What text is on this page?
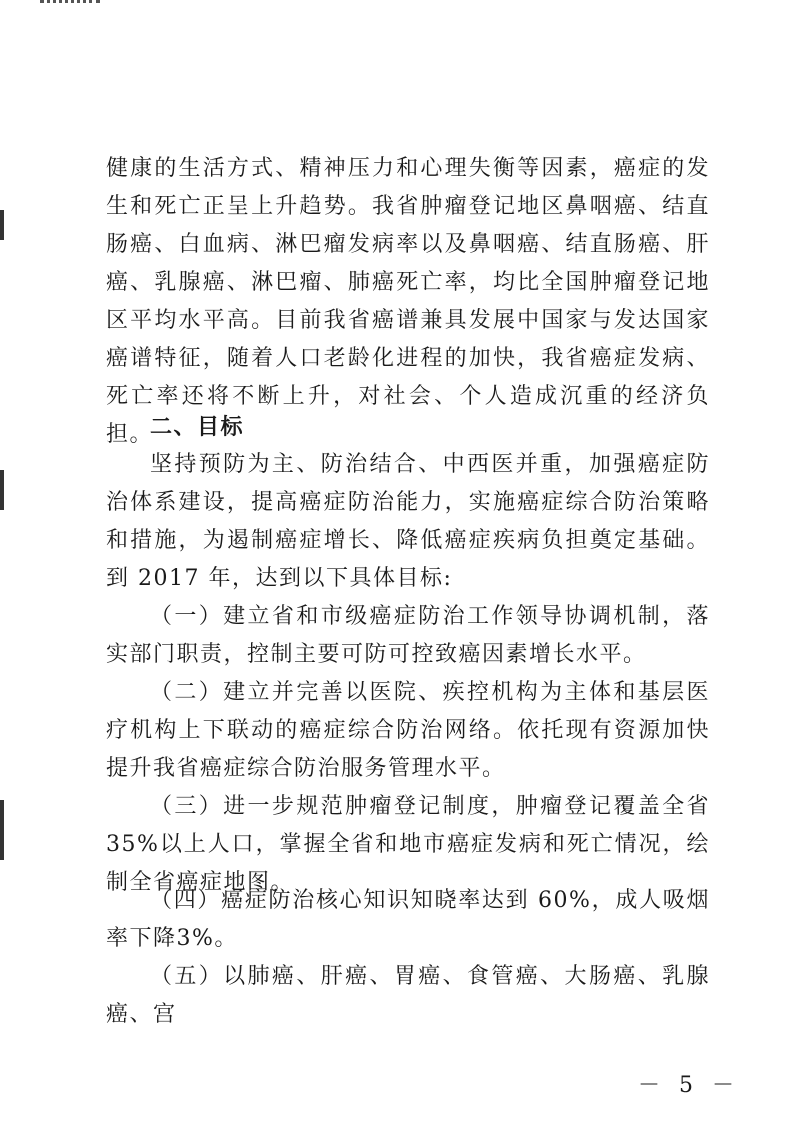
健康的生活方式、精神压力和心理失衡等因素，癌症的发生和死亡正呈上升趋势。我省肿瘤登记地区鼻咽癌、结直肠癌、白血病、淋巴瘤发病率以及鼻咽癌、结直肠癌、肝癌、乳腺癌、淋巴瘤、肺癌死亡率，均比全国肿瘤登记地区平均水平高。目前我省癌谱兼具发展中国家与发达国家癌谱特征，随着人口老龄化进程的加快，我省癌症发病、死亡率还将不断上升，对社会、个人造成沉重的经济负担。

二、目标

坚持预防为主、防治结合、中西医并重，加强癌症防治体系建设，提高癌症防治能力，实施癌症综合防治策略和措施，为遏制癌症增长、降低癌症疾病负担奠定基础。到 2017 年，达到以下具体目标:

（一）建立省和市级癌症防治工作领导协调机制，落实部门职责，控制主要可防可控致癌因素增长水平。

（二）建立并完善以医院、疾控机构为主体和基层医疗机构上下联动的癌症综合防治网络。依托现有资源加快提升我省癌症综合防治服务管理水平。

（三）进一步规范肿瘤登记制度，肿瘤登记覆盖全省 35%以上人口，掌握全省和地市癌症发病和死亡情况，绘制全省癌症地图。

（四）癌症防治核心知识知晓率达到 60%，成人吸烟率下降3%。

（五）以肺癌、肝癌、胃癌、食管癌、大肠癌、乳腺癌、宫

－ 5 －
